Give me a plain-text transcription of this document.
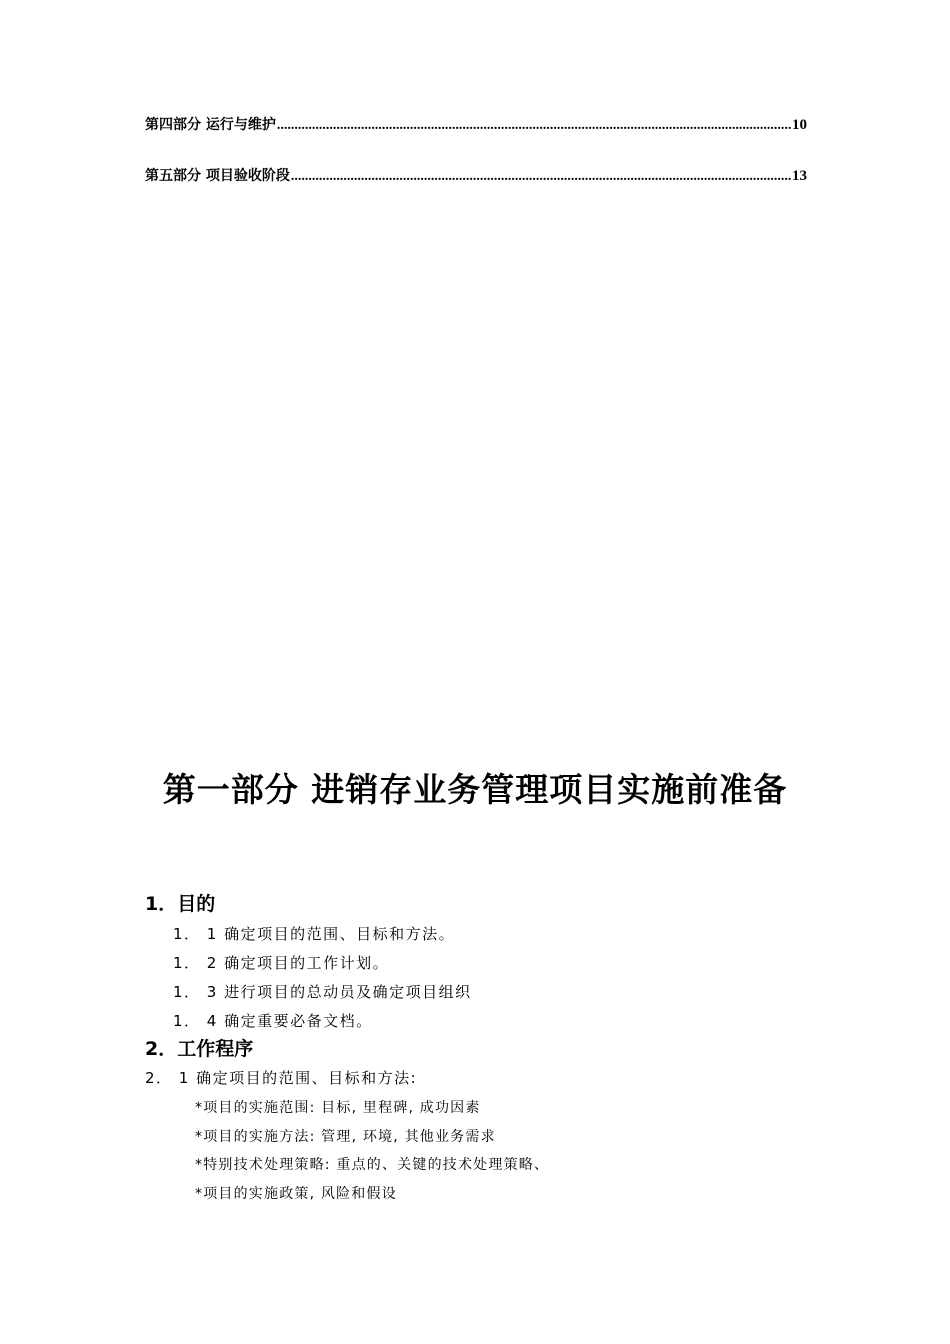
第四部分 运行与维护 .....	10
第五部分 项目验收阶段 .....	13
第一部分 进销存业务管理项目实施前准备
1．目的
1． 1 确定项目的范围、目标和方法。
1． 2 确定项目的工作计划。
1． 3 进行项目的总动员及确定项目组织
1． 4 确定重要必备文档。
2．工作程序
2． 1 确定项目的范围、目标和方法:
*项目的实施范围: 目标, 里程碑, 成功因素
*项目的实施方法: 管理, 环境, 其他业务需求
*特别技术处理策略: 重点的、关键的技术处理策略、
*项目的实施政策, 风险和假设
